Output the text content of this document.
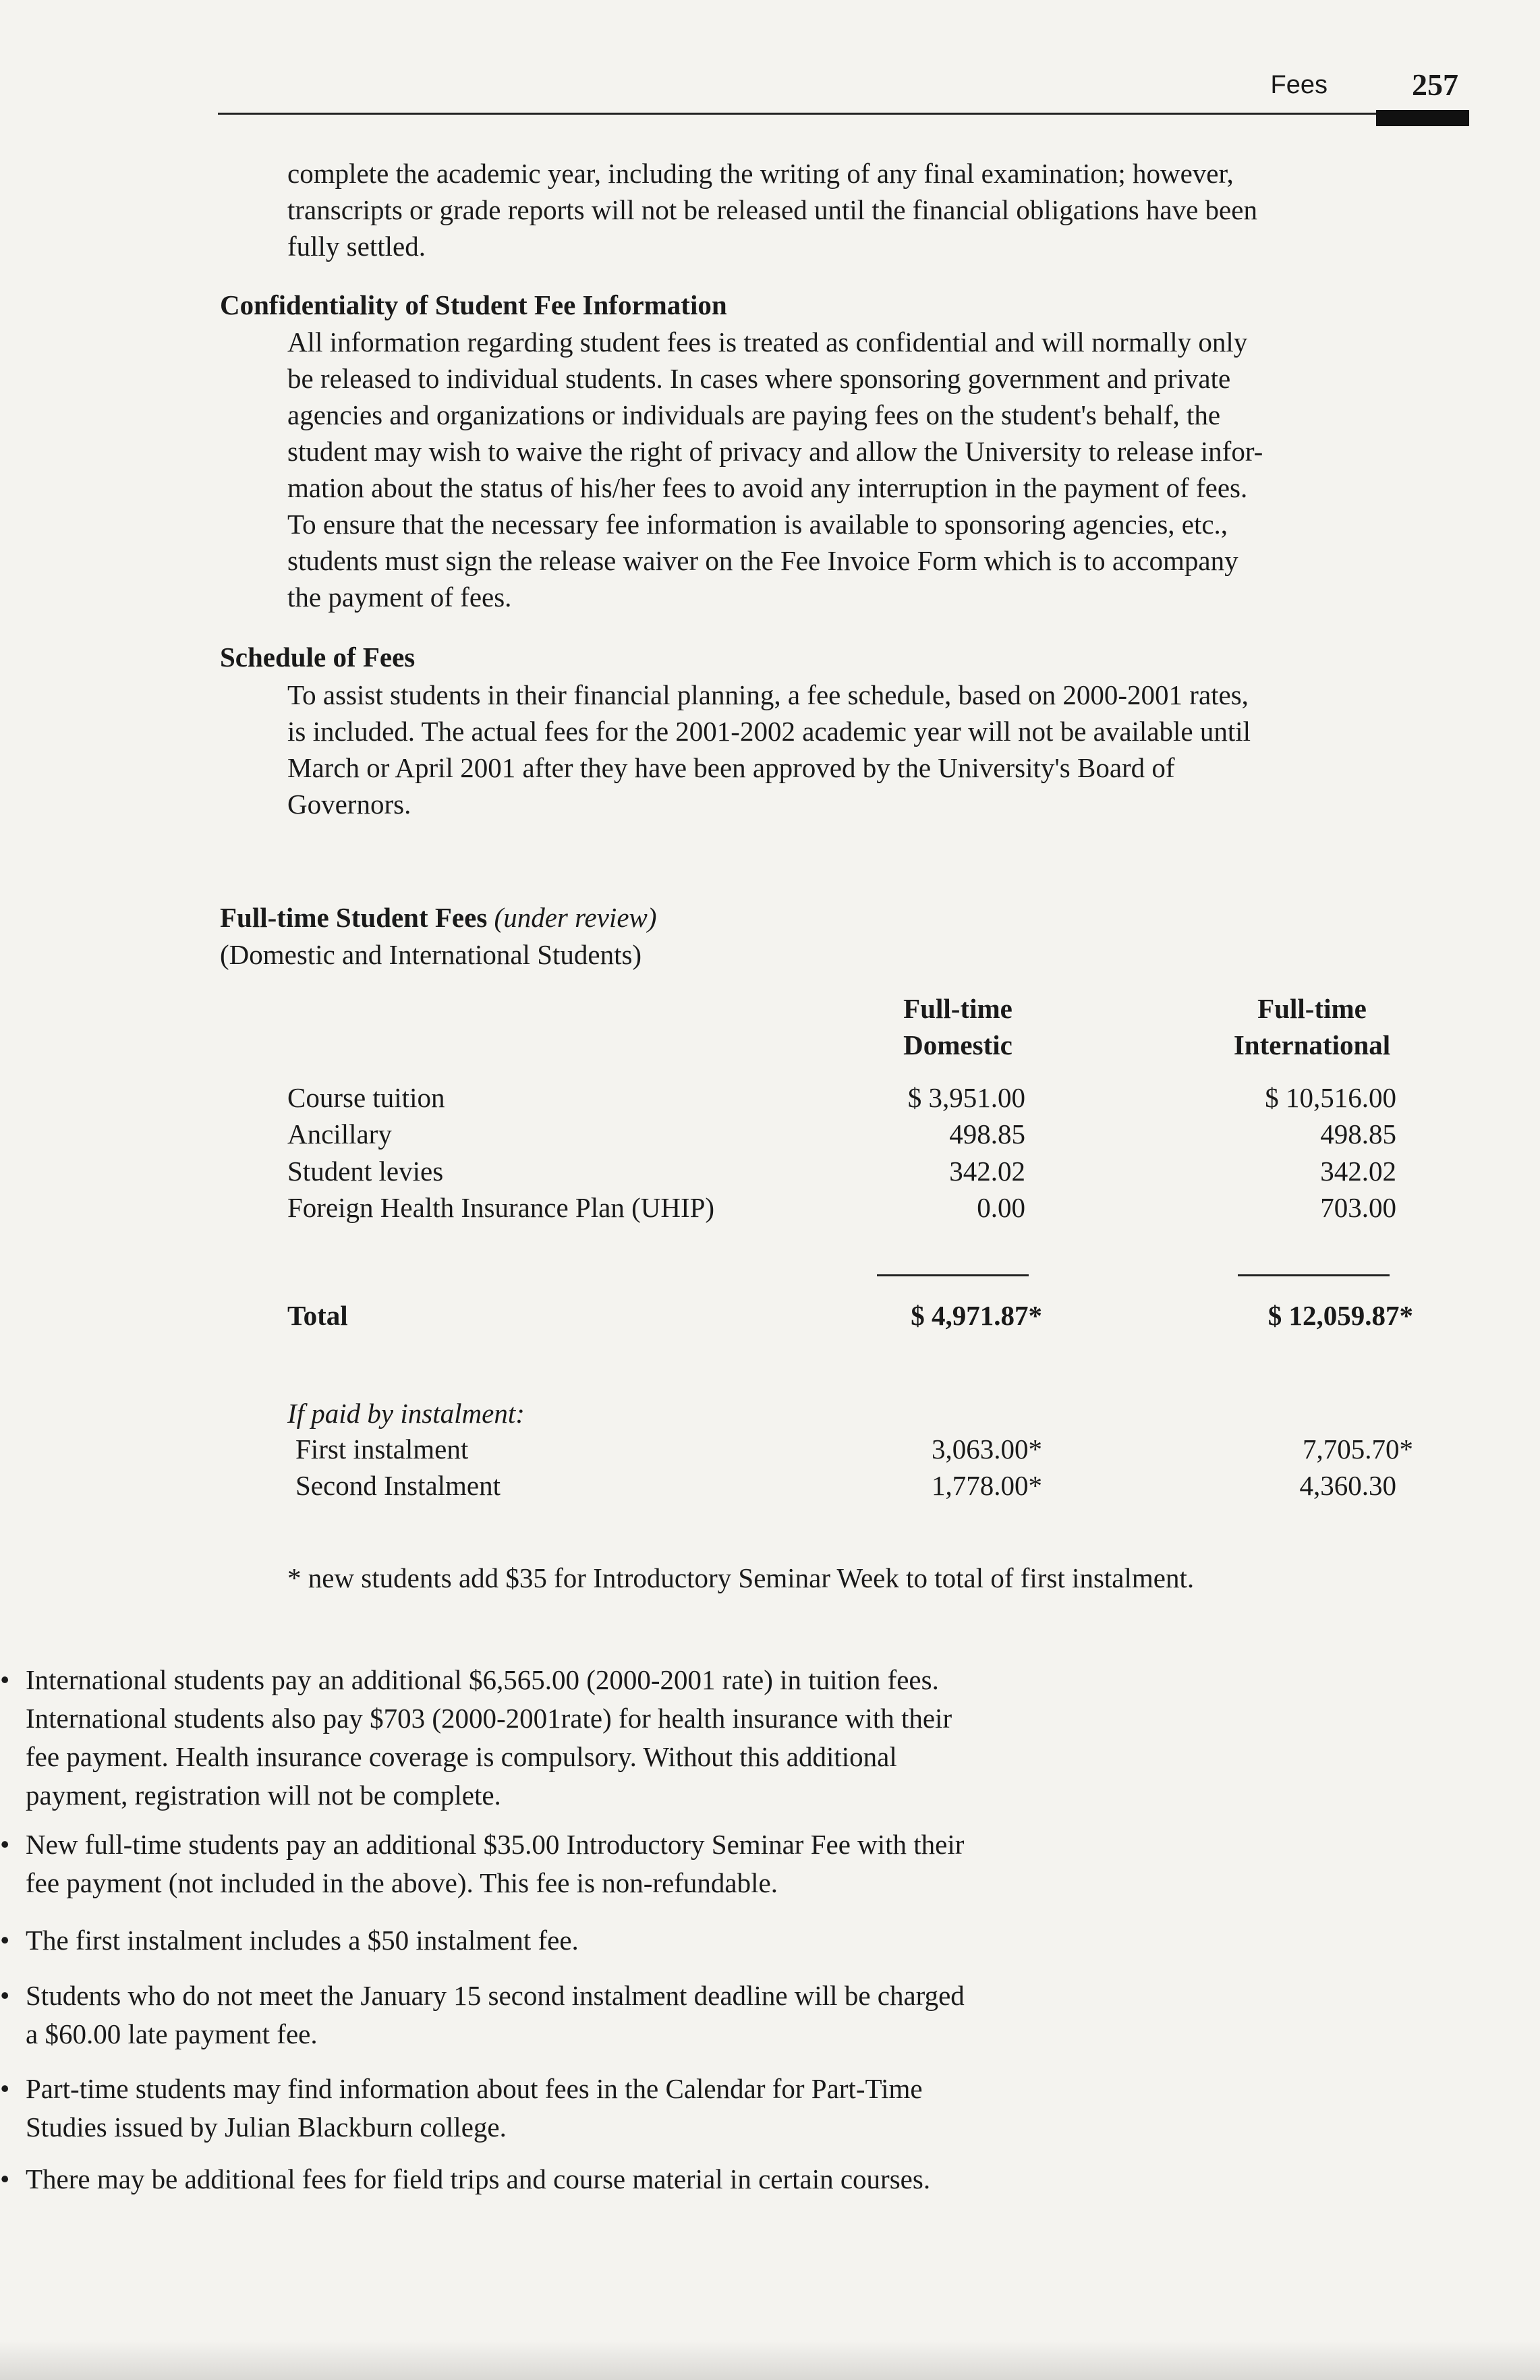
Fees	257
complete the academic year, including the writing of any final examination; however,
transcripts or grade reports will not be released until the financial obligations have been
fully settled.
Confidentiality of Student Fee Information
All information regarding student fees is treated as confidential and will normally only
be released to individual students. In cases where sponsoring government and private
agencies and organizations or individuals are paying fees on the student's behalf, the
student may wish to waive the right of privacy and allow the University to release infor-
mation about the status of his/her fees to avoid any interruption in the payment of fees.
To ensure that the necessary fee information is available to sponsoring agencies, etc.,
students must sign the release waiver on the Fee Invoice Form which is to accompany
the payment of fees.
Schedule of Fees
To assist students in their financial planning, a fee schedule, based on 2000-2001 rates,
is included. The actual fees for the 2001-2002 academic year will not be available until
March or April 2001 after they have been approved by the University's Board of
Governors.
Full-time Student Fees (under review)
(Domestic and International Students)
Full-time
Domestic
Full-time
International
Course tuition	$ 3,951.00	$ 10,516.00
Ancillary	498.85	498.85
Student levies	342.02	342.02
Foreign Health Insurance Plan (UHIP)	0.00	703.00
Total	$ 4,971.87*	$ 12,059.87*
If paid by instalment:
First instalment	3,063.00*	7,705.70*
Second Instalment	1,778.00*	4,360.30
* new students add $35 for Introductory Seminar Week to total of first instalment.
• International students pay an additional $6,565.00 (2000-2001 rate) in tuition fees.
International students also pay $703 (2000-2001rate) for health insurance with their
fee payment. Health insurance coverage is compulsory. Without this additional
payment, registration will not be complete.
• New full-time students pay an additional $35.00 Introductory Seminar Fee with their
fee payment (not included in the above). This fee is non-refundable.
• The first instalment includes a $50 instalment fee.
• Students who do not meet the January 15 second instalment deadline will be charged
a $60.00 late payment fee.
• Part-time students may find information about fees in the Calendar for Part-Time
Studies issued by Julian Blackburn college.
• There may be additional fees for field trips and course material in certain courses.
